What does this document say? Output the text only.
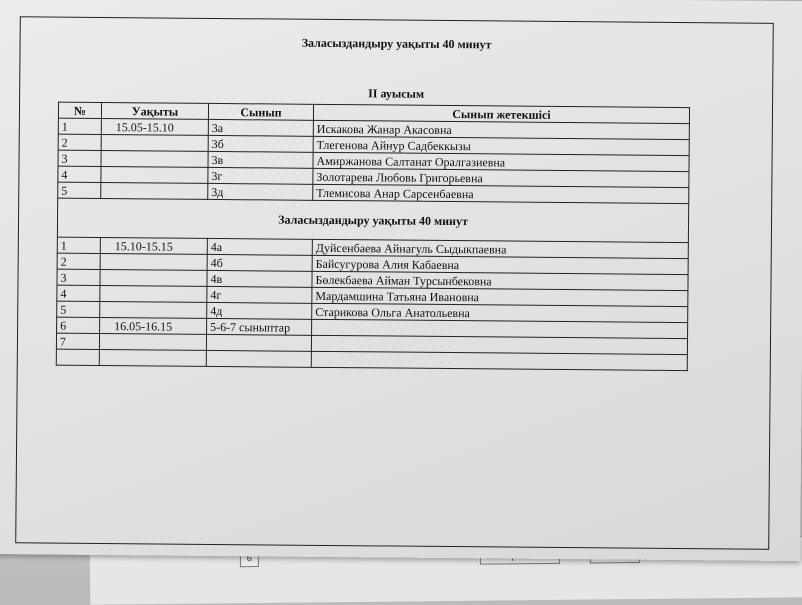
6
Заласыздандыру уақыты 40 минут
II ауысым
№	Уақыты	Сынып	Сынып жетекшісі
1	15.05-15.10	3а	Искакова Жанар Акасовна
2		3б	Тлегенова Айнур Садбеккызы
3		3в	Амиржанова Салтанат Оралгазиевна
4		3г	Золотарева Любовь Григорьевна
5		3д	Тлемисова Анар Сарсенбаевна
Заласыздандыру уақыты 40 минут			
1	15.10-15.15	4а	Дуйсенбаева Айнагуль Сыдыкпаевна
2		4б	Байсугурова Алия Кабаевна
3		4в	Бөлекбаева Айман Турсынбековна
4		4г	Мардамшина Татьяна Ивановна
5		4д	Старикова Ольга Анатольевна
6	16.05-16.15	5-6-7 сыныптар	
7			
